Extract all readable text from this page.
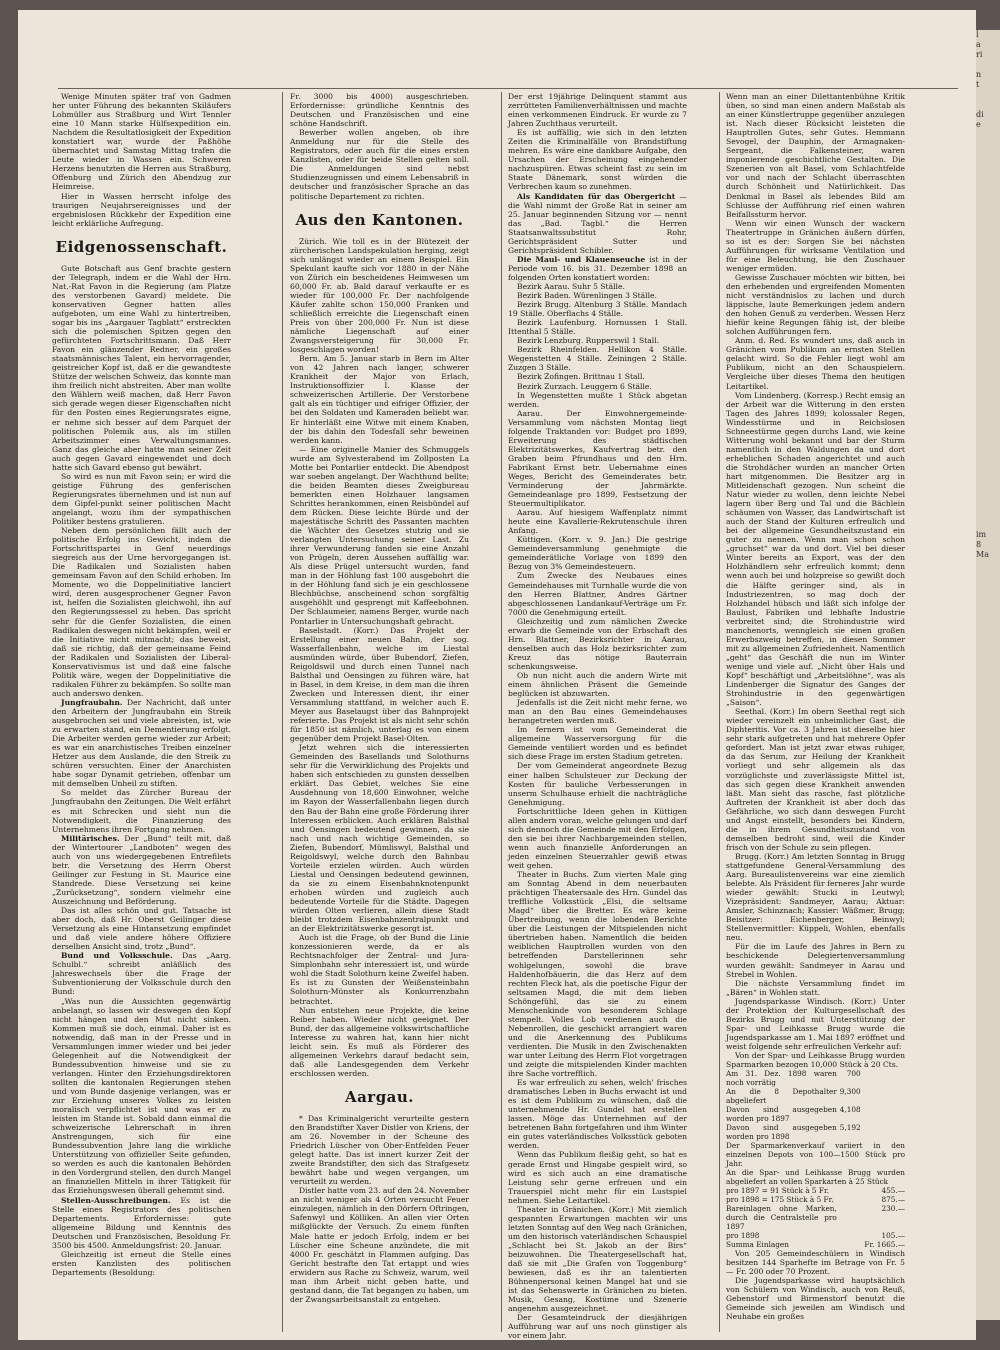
Wenige Minuten später traf von Gadmen her unter Führung des bekannten Skiläufers Lohmüller aus Straßburg und Wirt Tennler eine 10 Mann starke Hülfsexpedition ein. Nachdem die Resultatlosigkeit der Expedition konstatiert war, wurde der Paßhöhe übernachtet und Samstag Mittag trafen die Leute wieder in Wassen ein. Schweren Herzens benutzten die Herren aus Straßburg, Offenburg und Zürich den Abendzug zur Heimreise.

Hier in Wassen herrscht infolge des traurigen Neujahrsereignisses und der ergebnislosen Rückkehr der Expedition eine leicht erklärliche Aufregung.

Eidgenossenschaft.

Gute Botschaft aus Genf brachte gestern der Telegraph, indem er die Wahl der Hrn. Nat.-Rat Favon in die Regierung (am Platze des verstorbenen Gavard) meldete. Die konservativen Gegner hatten alles aufgeboten, um eine Wahl zu hintertreiben, sogar bis ins „Aargauer Tagblatt“ erstreckten sich die polemischen Spitzen gegen den gefürchteten Fortschrittsmann. Daß Herr Favon ein glänzender Redner, ein großes staatsmännisches Talent, ein hervorragender, geistreicher Kopf ist, daß er die gewandteste Stütze der welschen Schweiz, das konnte man ihm freilich nicht abstreiten. Aber man wollte den Wählern weiß machen, daß Herr Favon sich gerade wegen dieser Eigenschaften nicht für den Posten eines Regierungsrates eigne, er nehme sich besser auf dem Parquet der politischen Polemik aus, als im stillen Arbeitszimmer eines Verwaltungsmannes. Ganz das gleiche aber hatte man seiner Zeit auch gegen Gavard eingewendet und doch hatte sich Gavard ebenso gut bewährt.

So wird es nun mit Favon sein; er wird die geistige Führung des genferischen Regierungsrates übernehmen und ist nun auf dem Gipfel-punkt seiner politischen Macht angelangt, wozu ihm der sympathischen Politiker bestens gratulieren.

Neben dem persönlichen fällt auch der politische Erfolg ins Gewicht, indem die Fortschrittspartei in Genf neuerdings siegreich aus der Urne hervorgegangen ist. Die Radikalen und Sozialisten haben gemeinsam Favon auf den Schild erhoben. Im Momente, wo die Doppelinitiative lanciert wird, deren ausgesprochener Gegner Favon ist, helfen die Sozialisten gleichwohl, ihn auf den Regierungssessel zu heben. Das spricht sehr für die Genfer Sozialisten, die einen Radikalen deswegen nicht bekämpfen, weil er die Initiative nicht mitmacht; das beweist, daß sie richtig, daß der gemeinsame Feind der Radikalen und Sozialisten der Liberal-Konservativismus ist und daß eine falsche Politik wäre, wegen der Doppelinitiative die radikalen Führer zu bekämpfen. So sollte man auch anderswo denken.

Jungfraubahn. Der Nachricht, daß unter den Arbeitern der Jungfraubahn ein Streik ausgebrochen sei und viele abreisten, ist, wie zu erwarten stand, ein Dementierung erfolgt. Die Arbeiter werden gerne wieder zur Arbeit; es war ein anarchistisches Treiben einzelner Hetzer aus dem Auslande, die den Streik zu schüren versuchten. Einer der Anarchisten habe sogar Dynamit getrieben, offenbar um mit demselben Unheil zu stiften.

So meldet das Zürcher Bureau der Jungfraubahn den Zeitungen. Die Welt erfährt es mit Schrecken und sieht nun die Notwendigkeit, die Finanzierung des Unternehmens ihren Fortgang nehmen.

Militärisches. Der „Bund“ teilt mit, daß der Wintertourer „Landboten“ wegen des auch von uns wiedergegebenen Entrefilets betr. die Versetzung des Herrn Oberst Geilinger zur Festung in St. Maurice eine Standrede. Diese Versetzung sei keine „Zurücksetzung“, sondern vielmehr eine Auszeichnung und Beförderung.

Das ist alles schön und gut. Tatsache ist aber doch, daß Hr. Oberst Geilinger diese Versetzung als eine Hintansetzung empfindet und daß viele andere höhere Offiziere derselben Ansicht sind, trotz „Bund“.

Bund und Volksschule. Das „Aarg. Schulbl.“ schreibt anläßlich des Jahreswechsels über die Frage der Subventionierung der Volksschule durch den Bund:

„Was nun die Aussichten gegenwärtig anbelangt, so lassen wir deswegen den Kopf nicht hängen und den Mut nicht sinken. Kommen muß sie doch, einmal. Daher ist es notwendig, daß man in der Presse und in Versammlungen immer wieder und bei jeder Gelegenheit auf die Notwendigkeit der Bundessubvention hinweise und sie zu verlangen. Hinter den Erziehungsdirektoren sollten die kantonalen Regierungen stehen und vom Bunde dasjenige verlangen, was er zur Erziehung unseres Volkes zu leisten moralisch verpflichtet ist und was er zu leisten im Stande ist. Sobald dann einmal die schweizerische Lehrerschaft in ihren Anstrengungen, sich für eine Bundessubvention Jahre lang die wirkliche Unterstützung von offizieller Seite gefunden, so werden es auch die kantonalen Behörden in den Vordergrund stellen, den durch Mangel an finanziellen Mitteln in ihrer Tätigkeit für das Erziehungswesen überall gehemmt sind.

Stellen-Ausschreibungen. Es ist die Stelle eines Registrators des politischen Departements. Erfordernisse: gute allgemeine Bildung und Kenntnis des Deutschen und Französischen, Besoldung Fr. 3500 bis 4500. Anmeldungsfrist: 20. Januar.

Gleichzeitig ist erneut die Stelle eines ersten Kanzlisten des politischen Departements (Besoldung:

Fr. 3000 bis 4000) ausgeschrieben. Erfordernisse: gründliche Kenntnis des Deutschen und Französischen und eine schöne Handschrift.

Bewerber wollen angeben, ob ihre Anmeldung nur für die Stelle des Registrators, oder auch für die eines ersten Kanzlisten, oder für beide Stellen gelten soll. Die Anmeldungen sind nebst Studienzeugnissen und einem Lebensabriß in deutscher und französischer Sprache an das politische Departement zu richten.

Aus den Kantonen.

Zürich. Wie toll es in der Blütezeit der zürcherischen Landspekulation herging, zeigt sich unlängst wieder an einem Beispiel. Ein Spekulant kaufte sich vor 1880 in der Nähe von Zürich ein bescheidenes Heimwesen um 60,000 Fr. ab. Bald darauf verkaufte er es wieder für 100,000 Fr. Der nachfolgende Käufer zahlte schon 150,000 Franken und schließlich erreichte die Liegenschaft einen Preis von über 200,000 Fr. Nun ist diese nämliche Liegenschaft auf einer Zwangsversteigerung für 30,000 Fr. losgeschlagen worden!

Bern. Am 5. Januar starb in Bern im Alter von 42 Jahren nach langer, schwerer Krankheit der Major von Erlach, Instruktionsoffizier I. Klasse der schweizerischen Artillerie. Der Verstorbene galt als ein tüchtiger und eifriger Offizier, der bei den Soldaten und Kameraden beliebt war. Er hinterläßt eine Witwe mit einem Knaben, der bis dahin den Todesfall sehr beweinen werden kann.

— Eine originelle Manier des Schmuggels wurde am Sylvesterabend im Zollposten La Motte bei Pontarlier entdeckt. Die Abendpost war soeben angelangt. Der Wachthund bellte; die beiden Beamten dieses Zweigbureau bemerkten einen Holzhauer langsamen Schrittes herankommen, einen Reisbündel auf dem Rücken. Diese leichte Bürde und der majestätische Schritt des Passanten machten die Wächter des Gesetzes stutzig und sie verlangten Untersuchung seiner Last. Zu ihrer Verwunderung fanden sie eine Anzahl von Prügeln, deren Aussehen auffällig war. Als diese Prügel untersucht wurden, fand man in der Höhlung fast 100 ausgebohrt die in der Höhlung fand sich je ein geschlossene Blechbüchse, anscheinend schon sorgfältig ausgehöhlt und gesprengt mit Kaffeebohnen. Der Schlaumeier, namens Berger, wurde nach Pontarlier in Untersuchungshaft gebracht.

Baselstadt. (Korr.) Das Projekt der Erstellung einer neuen Bahn, der sog. Wasserfallenbahn, welche im Liestal ausmünden würde, über Bubendorf, Ziefen, Reigoldswil und durch einen Tunnel nach Balsthal und Oensingen zu führen wäre, hat in Basel, in dem Kreise, in dem man die ihren Zwecken und Interessen dient, ihr einer Versammlung stattfand, in welcher auch E. Meyer aus Baselaugst über das Bahnprojekt referierte. Das Projekt ist als nicht sehr schön für 1850 ist nämlich, unterlag es von einem gegenüber dem Projekt Basel-Olten.

Jetzt wehren sich die interessierten Gemeinden des Basellands und Solothurns sehr für die Verwirklichung des Projekts und haben sich entschieden zu gunsten desselben erklärt. Das Gebiet, welches Sie eine Ausdehnung von 18,600 Einwohner, welche im Rayon der Wasserfallenbahn liegen durch den Bau der Bahn eine große Förderung ihrer Interessen erblicken. Auch erklären Balsthal und Oensingen bedeutend gewinnen, da sie nach und nach wichtige Gemeinden, so Ziefen, Bubendorf, Mümliswyl, Balsthal und Reigoldswyl, welche durch den Bahnbau Vorteile erzielen würden. Auch würden Liestal und Oensingen bedeutend gewinnen, da sie zu einem Eisenbahnknotenpunkt erhoben würden und zugleich auch bedeutende Vorteile für die Städte. Dagegen würden Olten verlieren, allein diese Stadt bleibt trotzdem Eisenbahnzentralpunkt und an der Elektrizitätswerke gesorgt ist.

Auch ist die Frage, ob der Bund die Linie konzessionieren werde, da er als Rechtsnachfolger der Zentral- und Jura-Simplonbahn sehr interessiert ist, und würde wohl die Stadt Solothurn keine Zweifel haben. Es ist zu Gunsten der Weißensteinbahn Solothurn-Münster als Konkurrenzbahn betrachtet.

Nun entstehen neue Projekte, die keine Reiber haben. Wieder nicht geeignet. Der Bund, der das allgemeine volkswirtschaftliche Interesse zu wahren hat, kann hier nicht leicht sein. Es muß als Förderer des allgemeinen Verkehrs darauf bedacht sein, daß alle Landesgegenden dem Verkehr erschlossen werden.

Aargau.

* Das Kriminalgericht verurteilte gestern den Brandstifter Xaver Distler von Kriens, der am 26. November in der Scheune des Friedrich Lüscher von Ober-Entfelden Feuer gelegt hatte. Das ist innert kurzer Zeit der zweite Brandstifter, den sich das Strafgesetz bewährt habe und wegen vergangen, um verurteilt zu werden.

Distler hatte vom 23. auf den 24. November an nicht weniger als 4 Orten versucht Feuer einzulegen, nämlich in den Dörfern Oftringen, Safenwyl und Kölliken. An allen vier Orten mißglückte der Versuch. Zu einem fünften Male hatte er jedoch Erfolg, indem er bei Lüscher eine Scheune anzündete, die mit 4000 Fr. geschätzt in Flammen aufging. Das Gericht bestrafte den Tat ertappt und wies erwidern aus Rache zu Schweiz, warum, weil man ihm Arbeit nicht geben hatte, und gestand dann, die Tat begangen zu haben, um der Zwangsarbeitsanstalt zu entgehen.

Der erst 19jährige Delinquent stammt aus zerrütteten Familienverhältnissen und machte einen verkommenen Eindruck. Er wurde zu 7 Jahren Zuchthaus verurteilt.

Es ist auffällig, wie sich in den letzten Zeiten die Kriminalfälle von Brandstiftung mehren. Es wäre eine dankbare Aufgabe, den Ursachen der Erscheinung eingehender nachzuspüren. Etwas scheint fast zu sein im Staate Dänemark, sonst würden die Verbrechen kaum so zunehmen.

Als Kandidaten für das Obergericht — die Wahl nimmt der Große Rat in seiner am 25. Januar beginnenden Sitzung vor — nennt das „Bad. Tagbl.“ die Herren Staatsanwaltssubstitut Rohr, Gerichtspräsident Sutter und Gerichtspräsident Schibler.

Die Maul- und Klauenseuche ist in der Periode vom 16. bis 31. Dezember 1898 an folgenden Orten konstatiert worden:

Bezirk Aarau. Suhr 5 Ställe.

Bezirk Baden. Würenlingen 3 Ställe.

Bezirk Brugg. Altenburg 3 Ställe. Mandach 19 Ställe. Oberflachs 4 Ställe.

Bezirk Laufenburg. Hornussen 1 Stall. Ittenthal 5 Ställe.

Bezirk Lenzburg. Rupperswil 1 Stall.

Bezirk Rheinfelden. Hellikon 4 Ställe. Wegenstetten 4 Ställe. Zeiningen 2 Ställe. Zuzgen 3 Ställe.

Bezirk Zofingen. Brittnau 1 Stall.

Bezirk Zurzach. Leuggern 6 Ställe.

In Wegenstetten mußte 1 Stück abgetan werden.

Aarau. Der Einwohnergemeinde-Versammlung vom nächsten Montag liegt folgende Traktanden vor: Budget pro 1899, Erweiterung des städtischen Elektrizitätswerkes, Kaufvertrag betr. den Graben beim Pfrundhaus und den Hrn. Fabrikant Ernst betr. Uebernahme eines Weges, Bericht des Gemeinderates betr. Verminderung der Jahrmärkte. Gemeindeanlage pro 1899, Festsetzung der Steuermultiplikator.

Aarau. Auf hiesigem Waffenplatz nimmt heute eine Kavallerie-Rekrutenschule ihren Anfang.

Küttigen. (Korr. v. 9. Jan.) Die gestrige Gemeindeversammlung genehmigte die gemeinderätliche Vorlage von 1899 den Bezug von 3% Gemeindesteuern.

Zum Zwecke des Neubaues eines Gemeindehauses mit Turnhalle wurde die von den Herren Blattner, Andres Gärtner abgeschlossenen Landankauf-Verträge um Fr. 7000 die Genehmigung erteilt.

Gleichzeitig und zum nämlichen Zwecke erwarb die Gemeinde von der Erbschaft des Hrn. Blattner, Bezirksrichter in Aarau, denselben auch das Holz bezirksrichter zum Kreuz das nötige Bauterrain schenkungsweise.

Ob nun nicht auch die andern Wirte mit einem ähnlichen Präsent die Gemeinde beglücken ist abzuwarten.

Jedenfalls ist die Zeit nicht mehr ferne, wo man an den Bau eines Gemeindehauses herangetreten werden muß.

Im fernern ist vom Gemeinderat die allgemeine Wasserversorgung für die Gemeinde ventiliert worden und es befindet sich diese Frage im ersten Stadium getreten.

Der vom Gemeinderat angeordnete Bezug einer halben Schulsteuer zur Deckung der Kosten für bauliche Verbesserungen in unserm Schulhause erhielt die nachträgliche Genehmigung.

Fortschrittliche Ideen gehen in Küttigen allen andern voran, welche gelungen und darf sich dennoch die Gemeinde mit den Erfolgen, den sie bei ihrer Nachbargemeinden stellen, wenn auch finanzielle Anforderungen an jeden einzelnen Steuerzahler gewiß etwas weit gehen.

Theater in Buchs. Zum vierten Male ging am Sonntag Abend in dem neuerbauten prächtigen Theatersaale des Hrn. Gundel das treffliche Volksstück „Elsi, die seltsame Magd“ über die Bretter. Es wäre keine Übertreibung, wenn die lobenden Berichte über die Leistungen der Mitspielenden nicht übertrieben haben. Namentlich die beiden weiblichen Hauptrollen wurden von den betreffenden Darstellerinnen sehr wohlgelungen, sowohl die brave Haldenhofbäuerin, die das Herz auf dem rechten Fleck hat, als die poetische Figur der seltsamen Magd, die mit dem lieben Schöngefühl, das sie zu einem Menschenkinde von besonderem Schlage stempelt. Volles Lob verdienen auch die Nebenrollen, die geschickt arrangiert waren und die Anerkennung des Publikums verdienten. Die Musik in den Zwischenakten war unter Leitung des Herrn Flot vorgetragen und zeigte die mitspielenden Kinder machten ihre Sache vortrefflich.

Es war erfreulich zu sehen, welch' frisches dramatisches Leben in Buchs erwacht ist und es ist dem Publikum zu wünschen, daß die unternehmende Hr. Gundel hat erstellen lassen. Möge das Unternehmen auf der betretenen Bahn fortgefahren und ihm Winter ein gutes vaterländisches Volksstück geboten werden.

Wenn das Publikum fleißig geht, so hat es gerade Ernst und Hingabe gespielt wird, so wird es sich auch an eine dramatische Leistung sehr gerne erfreuen und ein Trauerspiel nicht mehr für ein Lustspiel nehmen. Siehe Leitartikel.

Theater in Gränichen. (Korr.) Mit ziemlich gespannten Erwartungen machten wir uns letzten Sonntag auf den Weg nach Gränichen, um den historisch vaterländischen Schauspiel „Schlacht bei St. Jakob an der Birs“ beizuwohnen. Die Theatergesellschaft hat, daß sie mit „Die Grafen von Toggenburg“ bewiesen, daß es ihr an talentierten Bühnenpersonal keinen Mangel hat und sie ist das Sehenswerte in Gränichen zu bieten. Musik, Gesang, Kostüme und Szenerie angenehm ausgezeichnet.

Der Gesamteindruck der diesjährigen Aufführung war auf uns noch günstiger als vor einem Jahr.

Wenn man an einer Dilettantenbühne Kritik üben, so sind man einen andern Maßstab als an einer Künstlertruppe gegenüber anzulegen ist. Nach dieser Rücksicht leisteten die Hauptrollen Gutes, sehr Gutes. Hemmann Sevogel, der Dauphin, der Armagnaken-Sergeant, die Falkensteiner, waren imponierende geschichtliche Gestalten. Die Szenerien von alt Basel, vom Schlachtfelde vor und nach der Schlacht überraschten durch Schönheit und Natürlichkeit. Das Denkmal in Basel als lebendes Bild am Schlusse der Aufführung rief einen wahren Beifallssturm hervor.

Wenn wir einen Wunsch der wackern Theatertruppe in Gränichen äußern dürfen, so ist es der: Sorgen Sie bei nächsten Aufführungen für wirksame Ventilation und für eine Beleuchtung, bie den Zuschauer weniger ermüden.

Gewisse Zuschauer möchten wir bitten, bei den erhebenden und ergreifenden Momenten nicht verständnislos zu lachen und durch läppische, laute Bemerkungen jedem andern den hohen Genuß zu verderben. Wessen Herz hiefür keine Regungen fähig ist, der bleibe solchen Aufführungen fern.

Anm. d. Red. Es wundert uns, daß auch in Gränichen vom Publikum an ernsten Stellen gelacht wird. So die Fehler liegt wohl am Publikum, nicht an den Schauspielern. Vergleiche über dieses Thema den heutigen Leitartikel.

Vom Lindenberg. (Korresp.) Recht emsig an der Arbeit war die Witterung in den ersten Tagen des Jahres 1899; kolossaler Regen, Windesstürme und in Reichslosen Schneestürme gegen durchs Land, wie keine Witterung wohl bekannt und bar der Sturm namentlich in den Waldungen da und dort erheblichen Schaden angerichtet und auch die Strohdächer wurden an mancher Orten hart mitgenommen. Die Besitzer arg in Mitleidenschaft gezogen. Nun scheint die Natur wieder zu wollen, denn leichte Nebel lagern über Berg und Tal und die Bächlein schäumen von Wasser, das Landwirtschaft ist auch der Stand der Kulturen erfreulich und bei der allgemeine Gesundheitszustand ein guter zu nennen. Wenn man schon schon „gruchset“ war da und dort. Viel bei dieser Winter bereits an Export, was der den Holzhändlern sehr erfreulich kommt; denn wenn auch bei und holzpreise so gewißt doch die Hälfte geringer sind, als in Industriezentren, so mag doch der Holzhandel hübsch und läßt sich infolge der Baulust, Fabriken und lebhafte Industrie verbreitet sind; die Strohindustrie wird manchenorts, wenngleich sie einen großen Erwerbszweig betreffen, in diesen Sommer mit zu allgemeinen Zufriedenheit. Namentlich „geht“ das Geschäft die nun im Winter wenige und viele auf. „Nicht über Hals und Kopf“ beschäftigt und „Arbeitslöhne“, was als Lindenberger die Signatur des Ganges der Strohindustrie in den gegenwärtigen „Saison“.

Seethal. (Korr.) Im obern Seethal regt sich wieder vereinzelt ein unheimlicher Gast, die Diphteritis. Vor ca. 3 Jahren ist dieselbe hier sehr stark aufgetreten und hat mehrere Opfer gefordert. Man ist jetzt zwar etwas ruhiger, da das Serum, zur Heilung der Krankheit vorliegt und sehr allgemein als das vorzüglichste und zuverlässigste Mittel ist, das sich gegen diese Krankheit anwenden läßt. Man sieht das rasche, fast plötzliche Auftreten der Krankheit ist aber doch das Gefährliche, wo sich dann deswegen Furcht und Angst einstellt, besonders bei Kindern, die in ihrem Gesundheitszustand von demselben bedroht sind, weil die Kinder frisch von der Schule zu sein pflegen.

Brugg. (Korr.) Am letzten Sonntag in Brugg stattgefundene General-Versammlung des Aarg. Bureaulistenvereins war eine ziemlich belebte. Als Präsident für ferneres Jahr wurde wieder gewählt: Stucki in Leutwyl; Vizepräsident: Sandmeyer, Aarau; Aktuar: Amsler, Schinznach; Kassier: Wäßmer, Brugg; Beisitzer: Eichenberger, Beinwyl; Stellenvermittler: Küppeli, Wohlen, ebenfalls neu.

Für die im Laufe des Jahres in Bern zu beschickende Delegiertenversammlung wurden gewählt: Sandmeyer in Aarau und Strebel in Wohlen.

Die nächste Versammlung findet im „Bären“ in Wohlen statt.

Jugendsparkasse Windisch. (Korr.) Unter der Protektion der Kulturgesellschaft des Bezirks Brugg und mit Unterstützung der Spar- und Leihkasse Brugg wurde die Jugendsparkasse am 1. Mai 1897 eröffnet und weist folgende sehr erfreulichen Verkehr auf:

Von der Spar- und Leihkasse Brugg wurden Sparmarken bezogen 10,000 Stück à 20 Cts.

Am 31. Dez. 1898 waren noch vorrätig	700	
An die 8 Depothalter abgeliefert	9,300	
Davon sind ausgegeben worden pro 1897	4,108	
Davon sind ausgegeben worden pro 1898	5,192	
Der Sparmarkenverkauf variiert in den einzelnen Depots von 100—1500 Stück pro Jahr.		
An die Spar- und Leihkasse Brugg wurden abgeliefert an vollen Sparkarten à 25 Stück		
pro 1897 = 91 Stück à 5 Fr.		455.—
pro 1898 = 175 Stück à 5 Fr.		875.—
Bareinlagen ohne Marken, durch die Centralstelle pro 1897		230.—
pro 1898		105.—
Summa Einlagen		Fr. 1665.—

Von 205 Gemeindeschülern in Windisch besitzen 144 Sparhefte im Betrage von Fr. 5 — Fr. 200 oder 70 Prozent.

Die Jugendsparkasse wird hauptsächlich von Schülern von Windisch, auch von Reuß, Gebenstorf und Birmenstorf benutzt die Gemeinde sich jeweilen am Windisch und Neuhabe ein großes

l
a
ri
n
t
di
e
im
8
Ma
